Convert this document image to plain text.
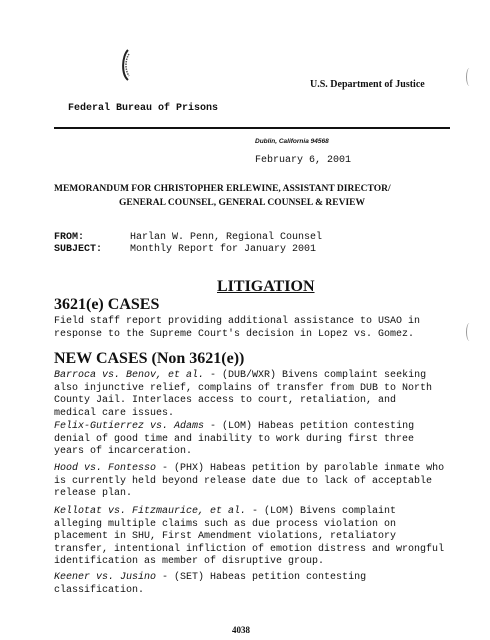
U.S. Department of Justice
Federal Bureau of Prisons
Dublin, California 94568
February 6, 2001
MEMORANDUM FOR CHRISTOPHER ERLEWINE, ASSISTANT DIRECTOR/
GENERAL COUNSEL, GENERAL COUNSEL & REVIEW
FROM:	Harlan W. Penn, Regional Counsel
SUBJECT:	Monthly Report for January 2001
LITIGATION
3621(e) CASES
Field staff report providing additional assistance to USAO in response to the Supreme Court's decision in Lopez vs. Gomez.
NEW CASES (Non 3621(e))
Barroca vs. Benov, et al. - (DUB/WXR) Bivens complaint seeking
also injunctive relief, complains of transfer from DUB to North
County Jail. Interlaces access to court, retaliation, and
medical care issues.
Felix-Gutierrez vs. Adams - (LOM) Habeas petition contesting
denial of good time and inability to work during first three
years of incarceration.
Hood vs. Fontesso - (PHX) Habeas petition by parolable inmate who
is currently held beyond release date due to lack of acceptable
release plan.
Kellotat vs. Fitzmaurice, et al. - (LOM) Bivens complaint
alleging multiple claims such as due process violation on
placement in SHU, First Amendment violations, retaliatory
transfer, intentional infliction of emotion distress and wrongful
identification as member of disruptive group.
Keener vs. Jusino - (SET) Habeas petition contesting
classification.
4038
